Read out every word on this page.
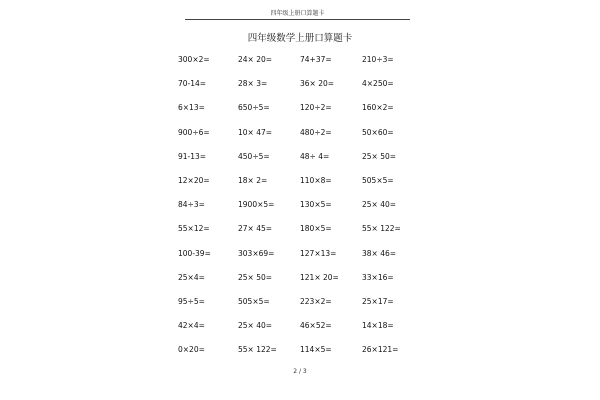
四年级上册口算题卡
四年级数学上册口算题卡
300×2=	24× 20=	74+37=	210÷3=
70-14=	28× 3=	36× 20=	4×250=
6×13=	650÷5=	120÷2=	160×2=
900÷6=	10× 47=	480÷2=	50×60=
91-13=	450÷5=	48÷ 4=	25× 50=
12×20=	18× 2=	110×8=	505×5=
84÷3=	1900×5=	130×5=	25× 40=
55×12=	27× 45=	180×5=	55× 122=
100-39=	303×69=	127×13=	38× 46=
25×4=	25× 50=	121× 20=	33×16=
95÷5=	505×5=	223×2=	25×17=
42×4=	25× 40=	46×52=	14×18=
0×20=	55× 122=	114×5=	26×121=
2 / 3
